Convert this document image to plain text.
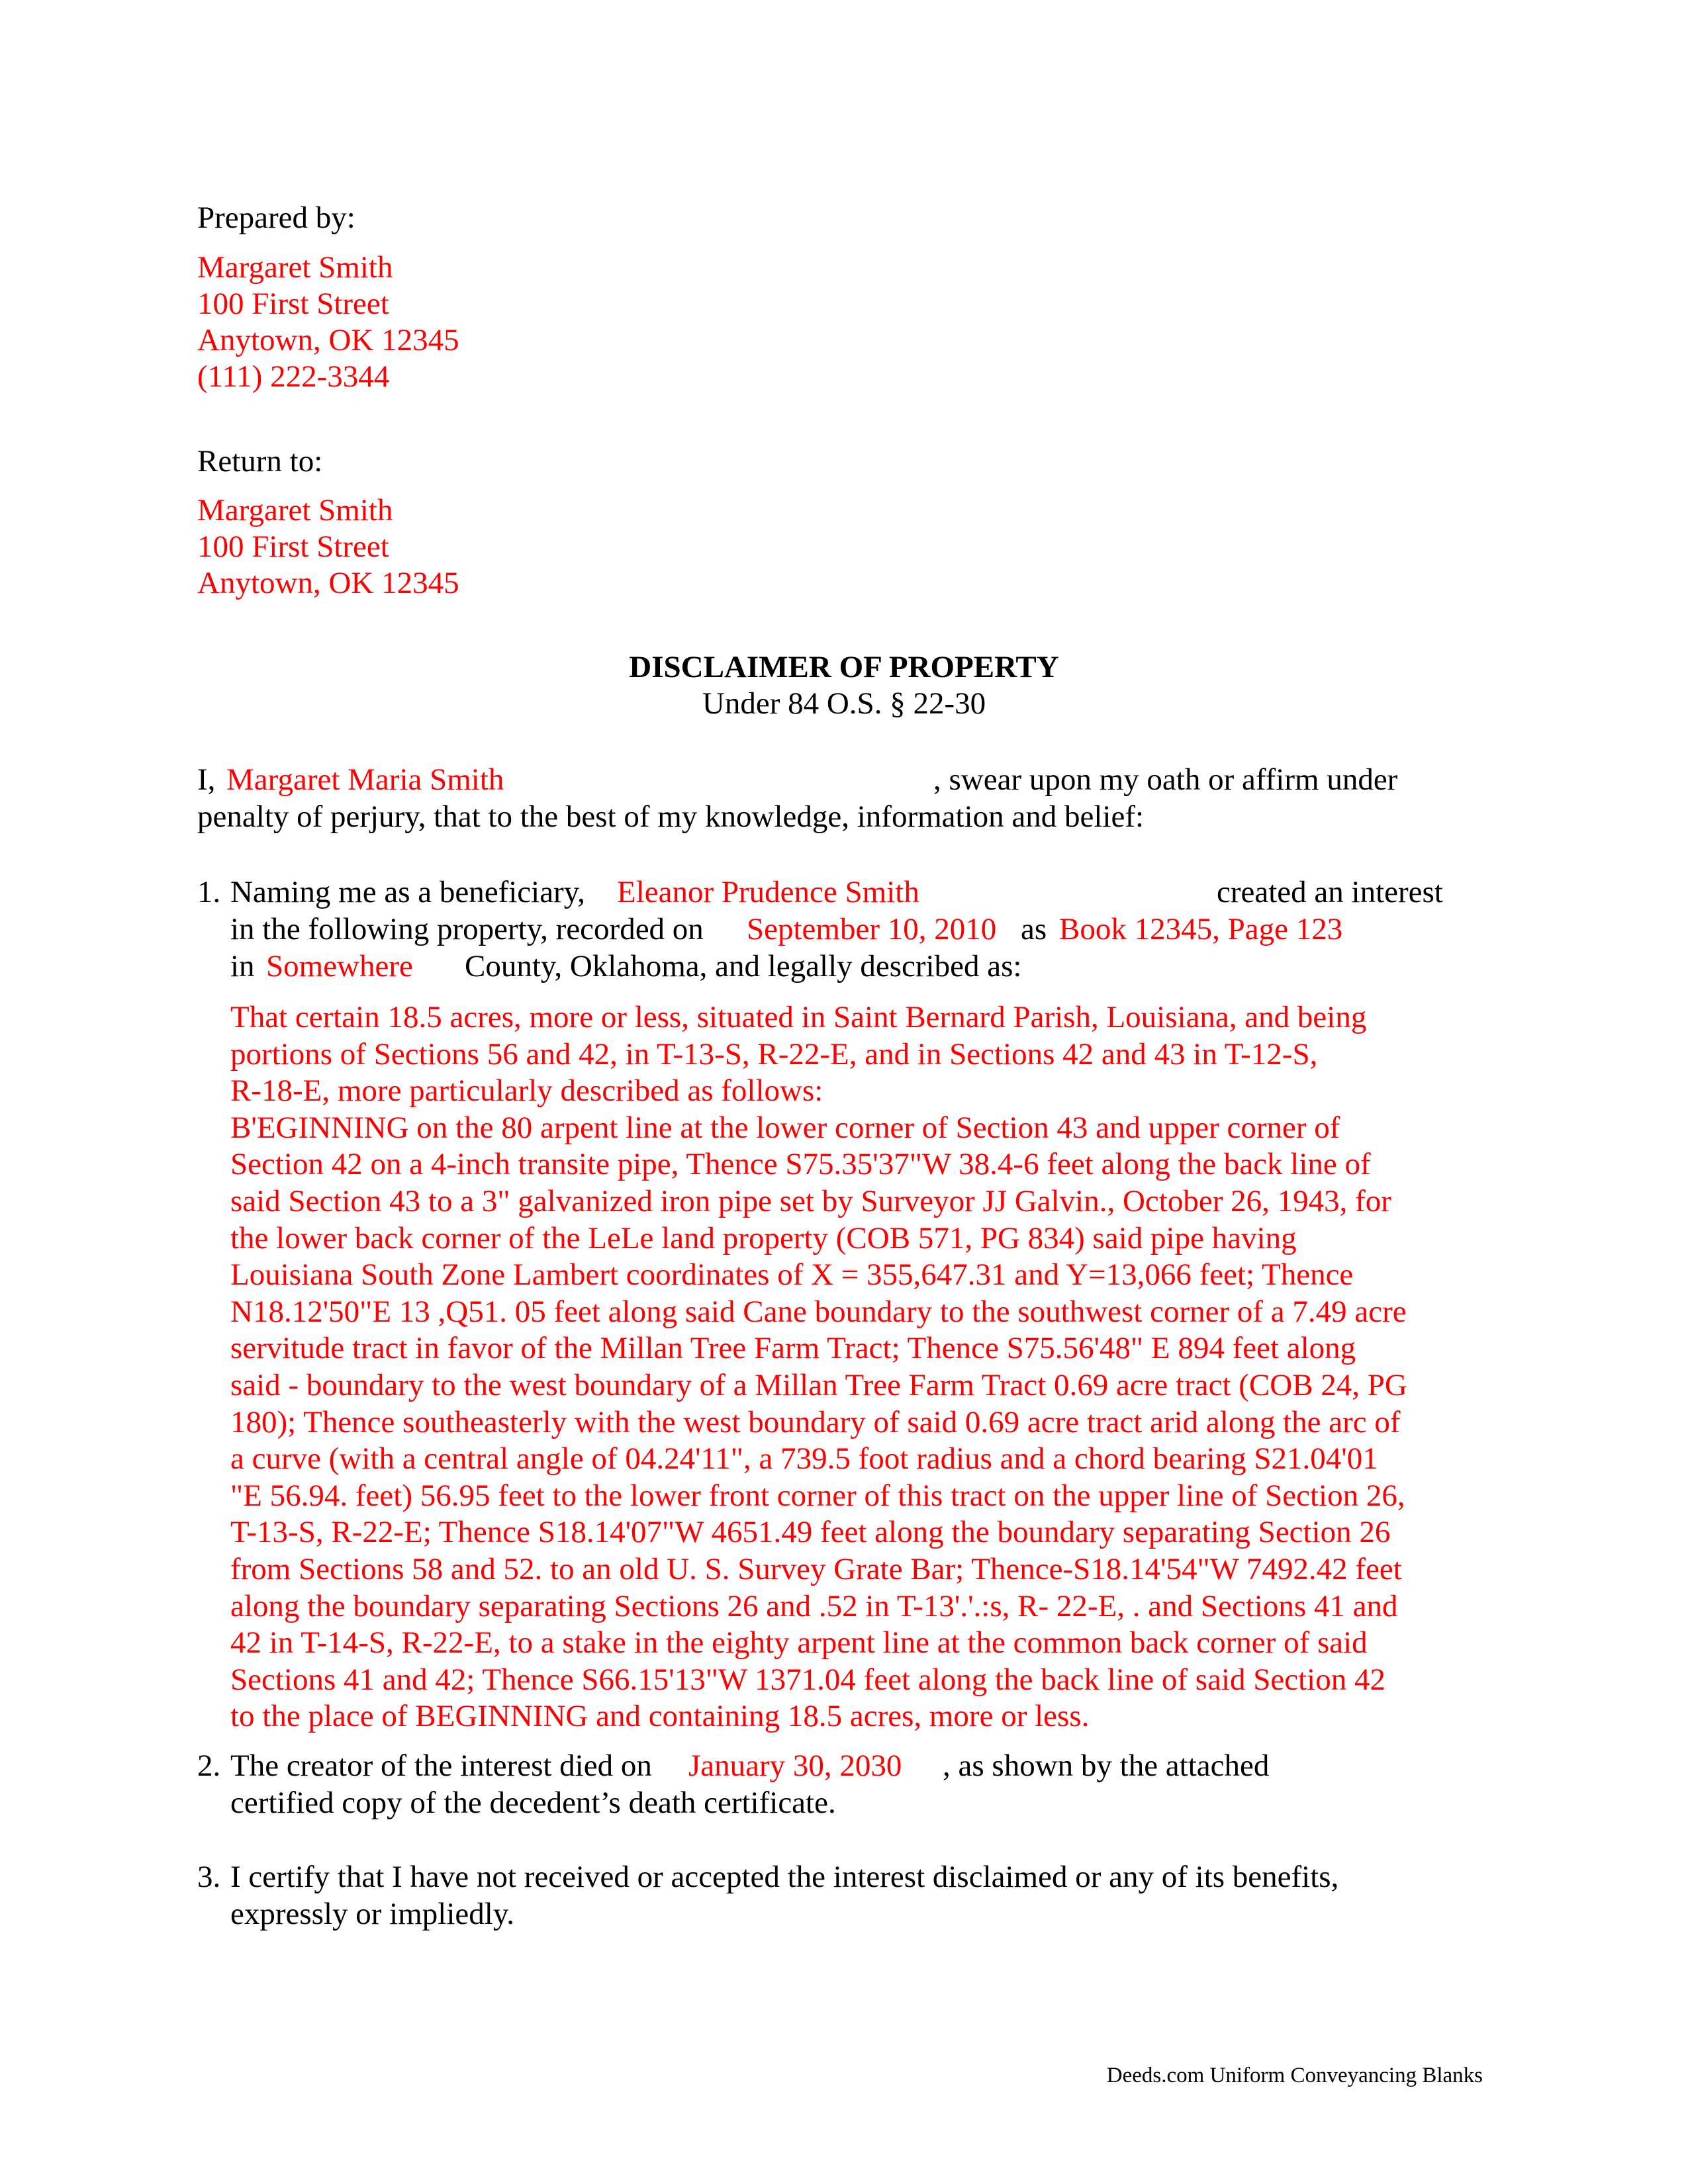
Prepared by:
Margaret Smith
100 First Street
Anytown, OK 12345
(111) 222-3344
Return to:
Margaret Smith
100 First Street
Anytown, OK 12345
DISCLAIMER OF PROPERTY
Under 84 O.S. § 22-30
I, Margaret Maria Smith	, swear upon my oath or affirm under
penalty of perjury, that to the best of my knowledge, information and belief:
1. Naming me as a beneficiary, Eleanor Prudence Smith	created an interest
in the following property, recorded on September 10, 2010 as Book 12345, Page 123
in Somewhere County, Oklahoma, and legally described as:
That certain 18.5 acres, more or less, situated in Saint Bernard Parish, Louisiana, and being
portions of Sections 56 and 42, in T-13-S, R-22-E, and in Sections 42 and 43 in T-12-S,
R-18-E, more particularly described as follows:
B'EGINNING on the 80 arpent line at the lower corner of Section 43 and upper corner of
Section 42 on a 4-inch transite pipe, Thence S75.35'37"W 38.4-6 feet along the back line of
said Section 43 to a 3" galvanized iron pipe set by Surveyor JJ Galvin., October 26, 1943, for
the lower back corner of the LeLe land property (COB 571, PG 834) said pipe having
Louisiana South Zone Lambert coordinates of X = 355,647.31 and Y=13,066 feet; Thence
N18.12'50"E 13 ,Q51. 05 feet along said Cane boundary to the southwest corner of a 7.49 acre
servitude tract in favor of the Millan Tree Farm Tract; Thence S75.56'48" E 894 feet along
said - boundary to the west boundary of a Millan Tree Farm Tract 0.69 acre tract (COB 24, PG
180); Thence southeasterly with the west boundary of said 0.69 acre tract arid along the arc of
a curve (with a central angle of 04.24'11", a 739.5 foot radius and a chord bearing S21.04'01
"E 56.94. feet) 56.95 feet to the lower front corner of this tract on the upper line of Section 26,
T-13-S, R-22-E; Thence S18.14'07"W 4651.49 feet along the boundary separating Section 26
from Sections 58 and 52. to an old U. S. Survey Grate Bar; Thence-S18.14'54"W 7492.42 feet
along the boundary separating Sections 26 and .52 in T-13'.'.:s, R- 22-E, . and Sections 41 and
42 in T-14-S, R-22-E, to a stake in the eighty arpent line at the common back corner of said
Sections 41 and 42; Thence S66.15'13"W 1371.04 feet along the back line of said Section 42
to the place of BEGINNING and containing 18.5 acres, more or less.
2. The creator of the interest died on January 30, 2030 , as shown by the attached
certified copy of the decedent’s death certificate.
3. I certify that I have not received or accepted the interest disclaimed or any of its benefits,
expressly or impliedly.
Deeds.com Uniform Conveyancing Blanks
